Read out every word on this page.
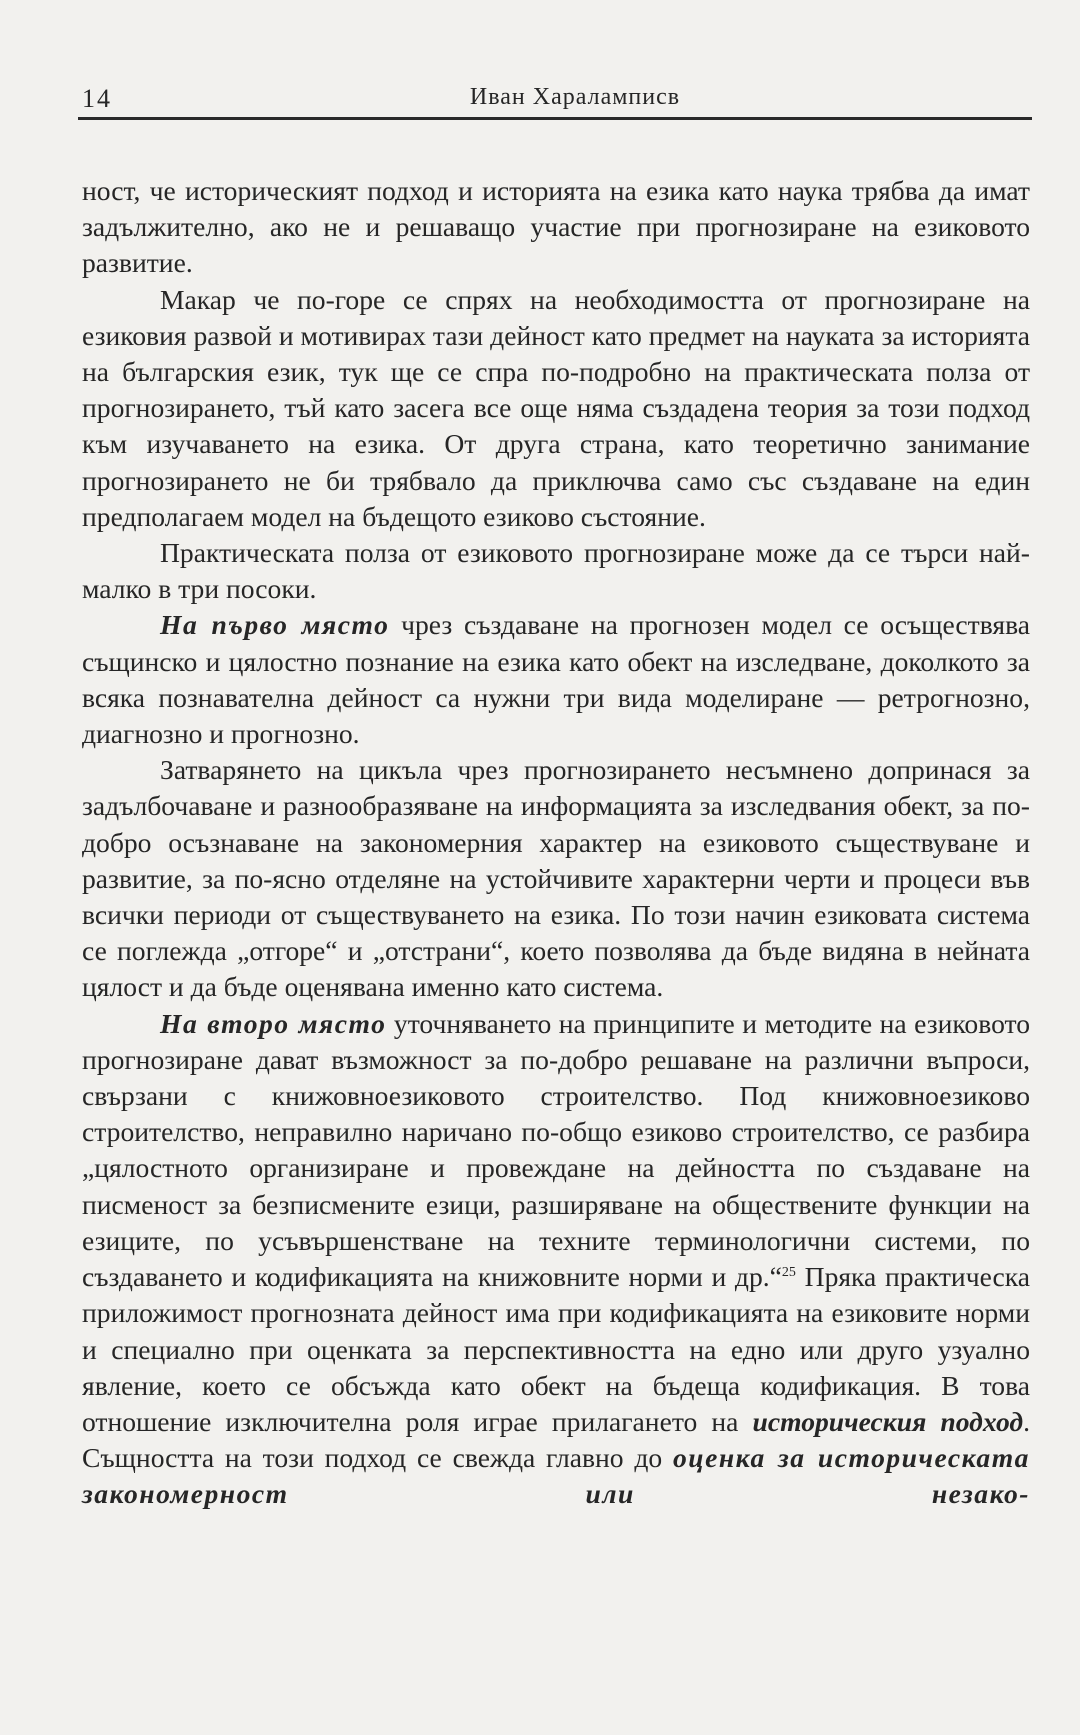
14	Иван Хараламписв

ност, че историческият подход и историята на езика като наука трябва да имат задължително, ако не и решаващо участие при прогнозиране на езиковото развитие.

Макар че по-горе се спрях на необходимостта от прогнозиране на езиковия развой и мотивирах тази дейност като предмет на науката за историята на българския език, тук ще се спра по-подробно на практическата полза от прогнозирането, тъй като засега все още няма създадена теория за този подход към изучаването на езика. От друга страна, като теоретично занимание прогнозирането не би трябвало да приключва само със създаване на един предполагаем модел на бъдещото езиково състояние.

Практическата полза от езиковото прогнозиране може да се търси най-малко в три посоки.

На първо място чрез създаване на прогнозен модел се осъществява същинско и цялостно познание на езика като обект на изследване, доколкото за всяка познавателна дейност са нужни три вида моделиране — ретрогнозно, диагнозно и прогнозно.

Затварянето на цикъла чрез прогнозирането несъмнено допринася за задълбочаване и разнообразяване на информацията за изследвания обект, за по-добро осъзнаване на закономерния характер на езиковото съществуване и развитие, за по-ясно отделяне на устойчивите характерни черти и процеси във всички периоди от съществуването на езика. По този начин езиковата система се поглежда „отгоре“ и „отстрани“, което позволява да бъде видяна в нейната цялост и да бъде оценявана именно като система.

На второ място уточняването на принципите и методите на езиковото прогнозиране дават възможност за по-добро решаване на различни въпроси, свързани с книжовноезиковото строителство. Под книжовноезиково строителство, неправилно наричано по-общо езиково строителство, се разбира „цялостното организиране и провеждане на дейността по създаване на писменост за безписмените езици, разширяване на обществените функции на езиците, по усъвършенстване на техните терминологични системи, по създаването и кодификацията на книжовните норми и др.“$^{25}$ Пряка практическа приложимост прогнозната дейност има при кодификацията на езиковите норми и специално при оценката за перспективността на едно или друго узуално явление, което се обсъжда като обект на бъдеща кодификация. В това отношение изключителна роля играе прилагането на историческия подход. Същността на този подход се свежда главно до оценка за историческата закономерност или незако-
